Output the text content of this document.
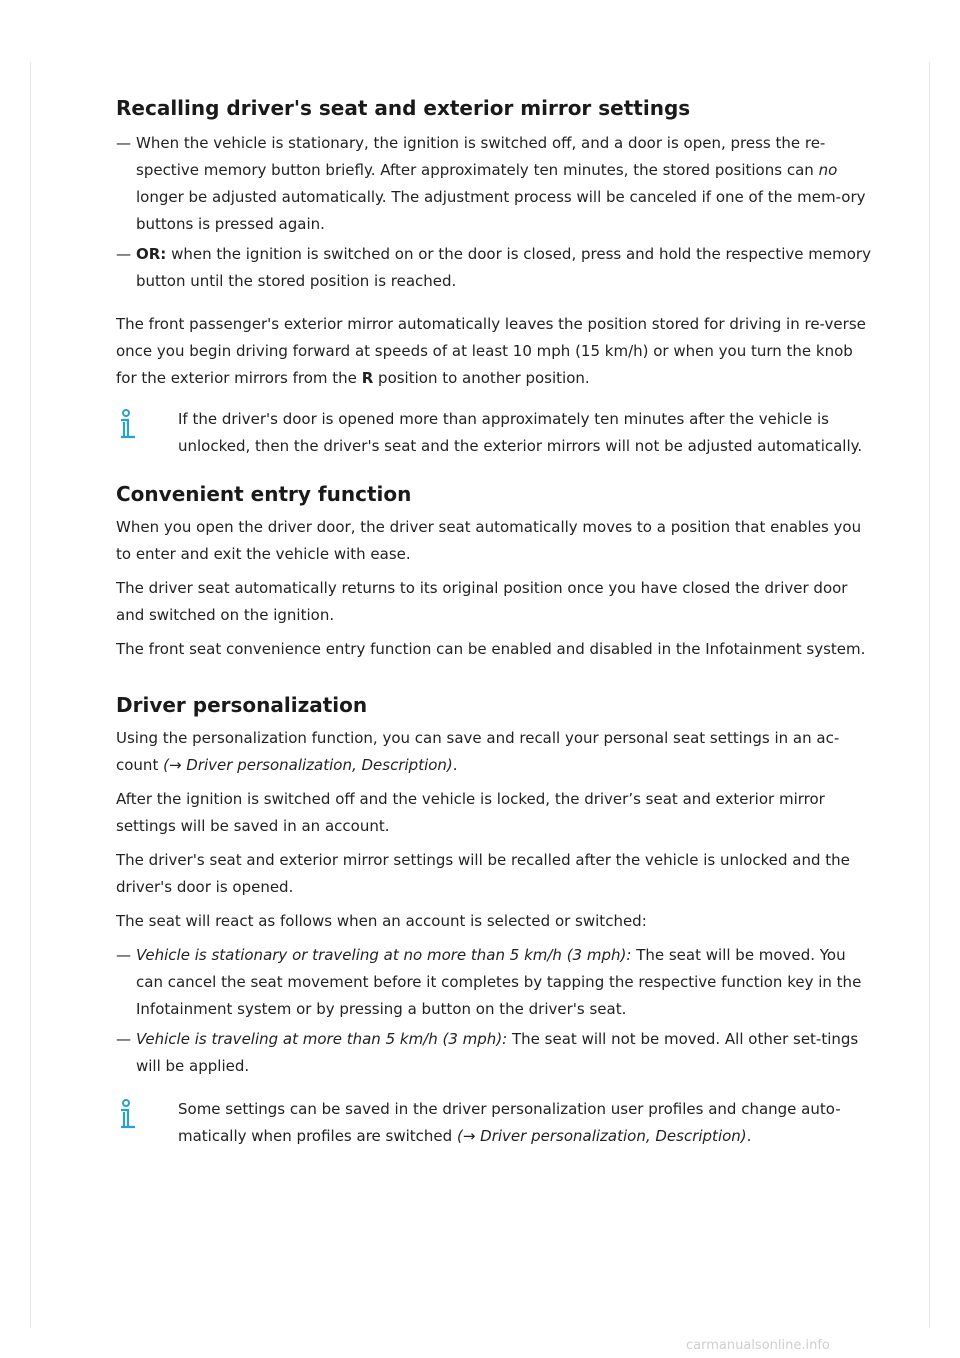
Recalling driver's seat and exterior mirror settings
— When the vehicle is stationary, the ignition is switched off, and a door is open, press the re-spective memory button briefly. After approximately ten minutes, the stored positions can no longer be adjusted automatically. The adjustment process will be canceled if one of the mem-ory buttons is pressed again.
— OR: when the ignition is switched on or the door is closed, press and hold the respective memory button until the stored position is reached.

The front passenger's exterior mirror automatically leaves the position stored for driving in re-verse once you begin driving forward at speeds of at least 10 mph (15 km/h) or when you turn the knob for the exterior mirrors from the R position to another position.

If the driver's door is opened more than approximately ten minutes after the vehicle is unlocked, then the driver's seat and the exterior mirrors will not be adjusted automatically.

Convenient entry function

When you open the driver door, the driver seat automatically moves to a position that enables you to enter and exit the vehicle with ease.

The driver seat automatically returns to its original position once you have closed the driver door and switched on the ignition.

The front seat convenience entry function can be enabled and disabled in the Infotainment system.

Driver personalization

Using the personalization function, you can save and recall your personal seat settings in an ac-count (→ Driver personalization, Description).

After the ignition is switched off and the vehicle is locked, the driver’s seat and exterior mirror settings will be saved in an account.

The driver's seat and exterior mirror settings will be recalled after the vehicle is unlocked and the driver's door is opened.

The seat will react as follows when an account is selected or switched:

— Vehicle is stationary or traveling at no more than 5 km/h (3 mph): The seat will be moved. You can cancel the seat movement before it completes by tapping the respective function key in the Infotainment system or by pressing a button on the driver's seat.
— Vehicle is traveling at more than 5 km/h (3 mph): The seat will not be moved. All other set-tings will be applied.

Some settings can be saved in the driver personalization user profiles and change auto-matically when profiles are switched (→ Driver personalization, Description).

carmanualsonline.info
